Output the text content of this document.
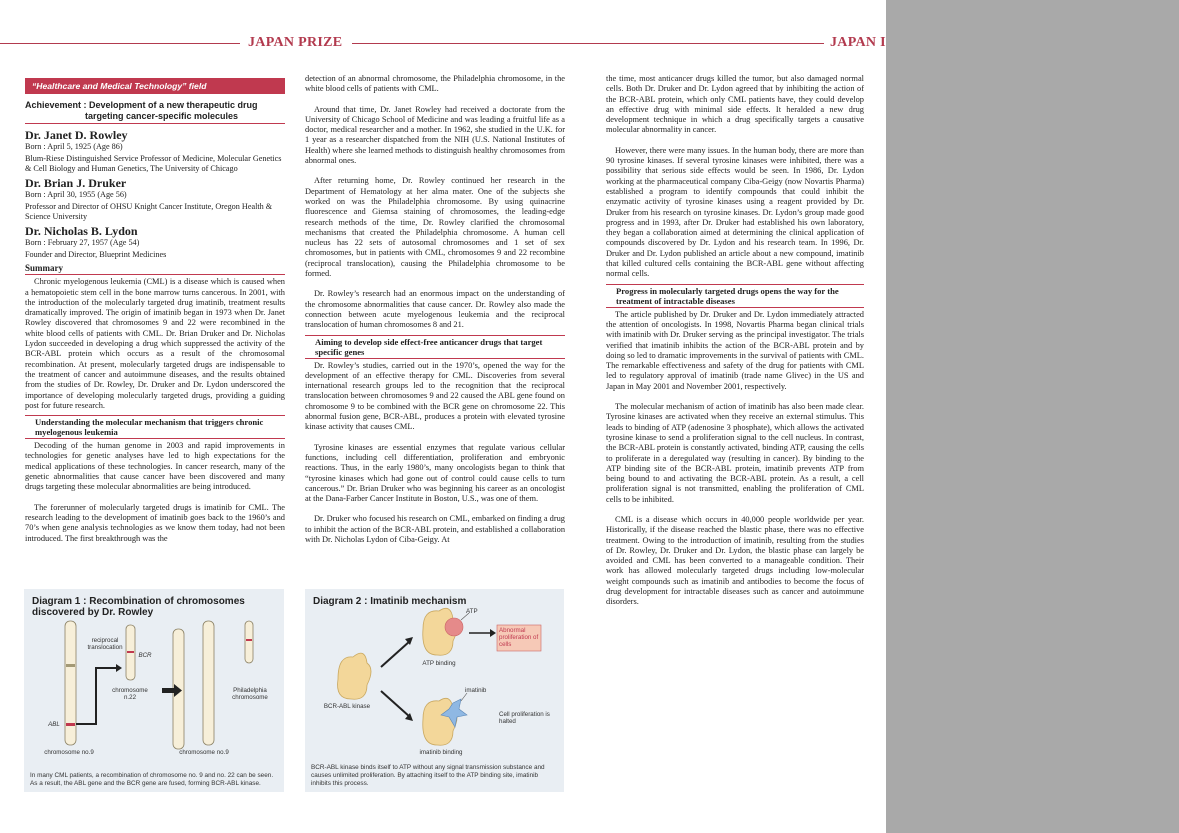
JAPAN PRIZE	JAPAN I
“Healthcare and Medical Technology” field
Achievement : Development of a new therapeutic drug
targeting cancer-specific molecules
Dr. Janet D. Rowley
Born : April 5, 1925 (Age 86)
Blum-Riese Distinguished Service Professor of Medicine, Molecular Genetics & Cell Biology and Human Genetics, The University of Chicago
Dr. Brian J. Druker
Born : April 30, 1955 (Age 56)
Professor and Director of OHSU Knight Cancer Institute, Oregon Health & Science University
Dr. Nicholas B. Lydon
Born : February 27, 1957 (Age 54)
Founder and Director, Blueprint Medicines
Summary

Chronic myelogenous leukemia (CML) is a disease which is caused when a hematopoietic stem cell in the bone marrow turns cancerous. In 2001, with the introduction of the molecularly targeted drug imatinib, treatment results dramatically improved. The origin of imatinib began in 1973 when Dr. Janet Rowley discovered that chromosomes 9 and 22 were recombined in the white blood cells of patients with CML. Dr. Brian Druker and Dr. Nicholas Lydon succeeded in developing a drug which suppressed the activity of the BCR-ABL protein which occurs as a result of the chromosomal recombination. At present, molecularly targeted drugs are indispensable to the treatment of cancer and autoimmune diseases, and the results obtained from the studies of Dr. Rowley, Dr. Druker and Dr. Lydon underscored the importance of developing molecularly targeted drugs, providing a guiding post for future research.

Understanding the molecular mechanism that triggers chronic myelogenous leukemia

Decoding of the human genome in 2003 and rapid improvements in technologies for genetic analyses have led to high expectations for the medical applications of these technologies. In cancer research, many of the genetic abnormalities that cause cancer have been discovered and many drugs targeting these molecular abnormalities are being introduced.

The forerunner of molecularly targeted drugs is imatinib for CML. The research leading to the development of imatinib goes back to the 1960’s and 70’s when gene analysis technologies as we know them today, had not been introduced. The first breakthrough was the

detection of an abnormal chromosome, the Philadelphia chromosome, in the white blood cells of patients with CML.

Around that time, Dr. Janet Rowley had received a doctorate from the University of Chicago School of Medicine and was leading a fruitful life as a doctor, medical researcher and a mother. In 1962, she studied in the U.K. for 1 year as a researcher dispatched from the NIH (U.S. National Institutes of Health) where she learned methods to distinguish healthy chromosomes from abnormal ones.

After returning home, Dr. Rowley continued her research in the Department of Hematology at her alma mater. One of the subjects she worked on was the Philadelphia chromosome. By using quinacrine fluorescence and Giemsa staining of chromosomes, the leading-edge research methods of the time, Dr. Rowley clarified the chromosomal mechanisms that created the Philadelphia chromosome. A human cell nucleus has 22 sets of autosomal chromosomes and 1 set of sex chromosomes, but in patients with CML, chromosomes 9 and 22 recombine (reciprocal translocation), causing the Philadelphia chromosome to be formed.

Dr. Rowley’s research had an enormous impact on the understanding of the chromosome abnormalities that cause cancer. Dr. Rowley also made the connection between acute myelogenous leukemia and the reciprocal translocation of human chromosomes 8 and 21.

Aiming to develop side effect-free anticancer drugs that target specific genes

Dr. Rowley’s studies, carried out in the 1970’s, opened the way for the development of an effective therapy for CML. Discoveries from several international research groups led to the recognition that the reciprocal translocation between chromosomes 9 and 22 caused the ABL gene found on chromosome 9 to be combined with the BCR gene on chromosome 22. This abnormal fusion gene, BCR-ABL, produces a protein with elevated tyrosine kinase activity that causes CML.

Tyrosine kinases are essential enzymes that regulate various cellular functions, including cell differentiation, proliferation and embryonic reactions. Thus, in the early 1980’s, many oncologists began to think that “tyrosine kinases which had gone out of control could cause cells to turn cancerous.” Dr. Brian Druker who was beginning his career as an oncologist at the Dana-Farber Cancer Institute in Boston, U.S., was one of them.

Dr. Druker who focused his research on CML, embarked on finding a drug to inhibit the action of the BCR-ABL protein, and established a collaboration with Dr. Nicholas Lydon of Ciba-Geigy. At

the time, most anticancer drugs killed the tumor, but also damaged normal cells. Both Dr. Druker and Dr. Lydon agreed that by inhibiting the action of the BCR-ABL protein, which only CML patients have, they could develop an effective drug with minimal side effects. It heralded a new drug development technique in which a drug specifically targets a causative molecular abnormality in cancer.

However, there were many issues. In the human body, there are more than 90 tyrosine kinases. If several tyrosine kinases were inhibited, there was a possibility that serious side effects would be seen. In 1986, Dr. Lydon working at the pharmaceutical company Ciba-Geigy (now Novartis Pharma) established a program to identify compounds that could inhibit the enzymatic activity of tyrosine kinases using a reagent provided by Dr. Druker from his research on tyrosine kinases. Dr. Lydon’s group made good progress and in 1993, after Dr. Druker had established his own laboratory, they began a collaboration aimed at determining the clinical application of compounds discovered by Dr. Lydon and his research team. In 1996, Dr. Druker and Dr. Lydon published an article about a new compound, imatinib that killed cultured cells containing the BCR-ABL gene without affecting normal cells.

Progress in molecularly targeted drugs opens the way for the treatment of intractable diseases

The article published by Dr. Druker and Dr. Lydon immediately attracted the attention of oncologists. In 1998, Novartis Pharma began clinical trials with imatinib with Dr. Druker serving as the principal investigator. The trials verified that imatinib inhibits the action of the BCR-ABL protein and by doing so led to dramatic improvements in the survival of patients with CML. The remarkable effectiveness and safety of the drug for patients with CML led to regulatory approval of imatinib (trade name Glivec) in the US and Japan in May 2001 and November 2001, respectively.

The molecular mechanism of action of imatinib has also been made clear. Tyrosine kinases are activated when they receive an external stimulus. This leads to binding of ATP (adenosine 3 phosphate), which allows the activated tyrosine kinase to send a proliferation signal to the cell nucleus. In contrast, the BCR-ABL protein is constantly activated, binding ATP, causing the cells to proliferate in a deregulated way (resulting in cancer). By binding to the ATP binding site of the BCR-ABL protein, imatinib prevents ATP from being bound to and activating the BCR-ABL protein. As a result, a cell proliferation signal is not transmitted, enabling the proliferation of CML cells to be inhibited.

CML is a disease which occurs in 40,000 people worldwide per year. Historically, if the disease reached the blastic phase, there was no effective treatment. Owing to the introduction of imatinib, resulting from the studies of Dr. Rowley, Dr. Druker and Dr. Lydon, the blastic phase can largely be avoided and CML has been converted to a manageable condition. Their work has allowed molecularly targeted drugs including low-molecular weight compounds such as imatinib and antibodies to become the focus of drug development for intractable diseases such as cancer and autoimmune disorders.

Diagram 1 : Recombination of chromosomes discovered by Dr. Rowley
reciprocal translocation
BCR
chromosome n.22
ABL
chromosome no.9	chromosome no.9
Philadelphia chromosome
In many CML patients, a recombination of chromosome no. 9 and no. 22 can be seen. As a result, the ABL gene and the BCR gene are fused, forming BCR-ABL kinase.
Diagram 2 : Imatinib mechanism
ATP
Abnormal proliferation of cells
ATP binding
BCR-ABL kinase
imatinib
Cell proliferation is halted
imatinib binding
BCR-ABL kinase binds itself to ATP without any signal transmission substance and causes unlimited proliferation. By attaching itself to the ATP binding site, imatinib inhibits this process.
